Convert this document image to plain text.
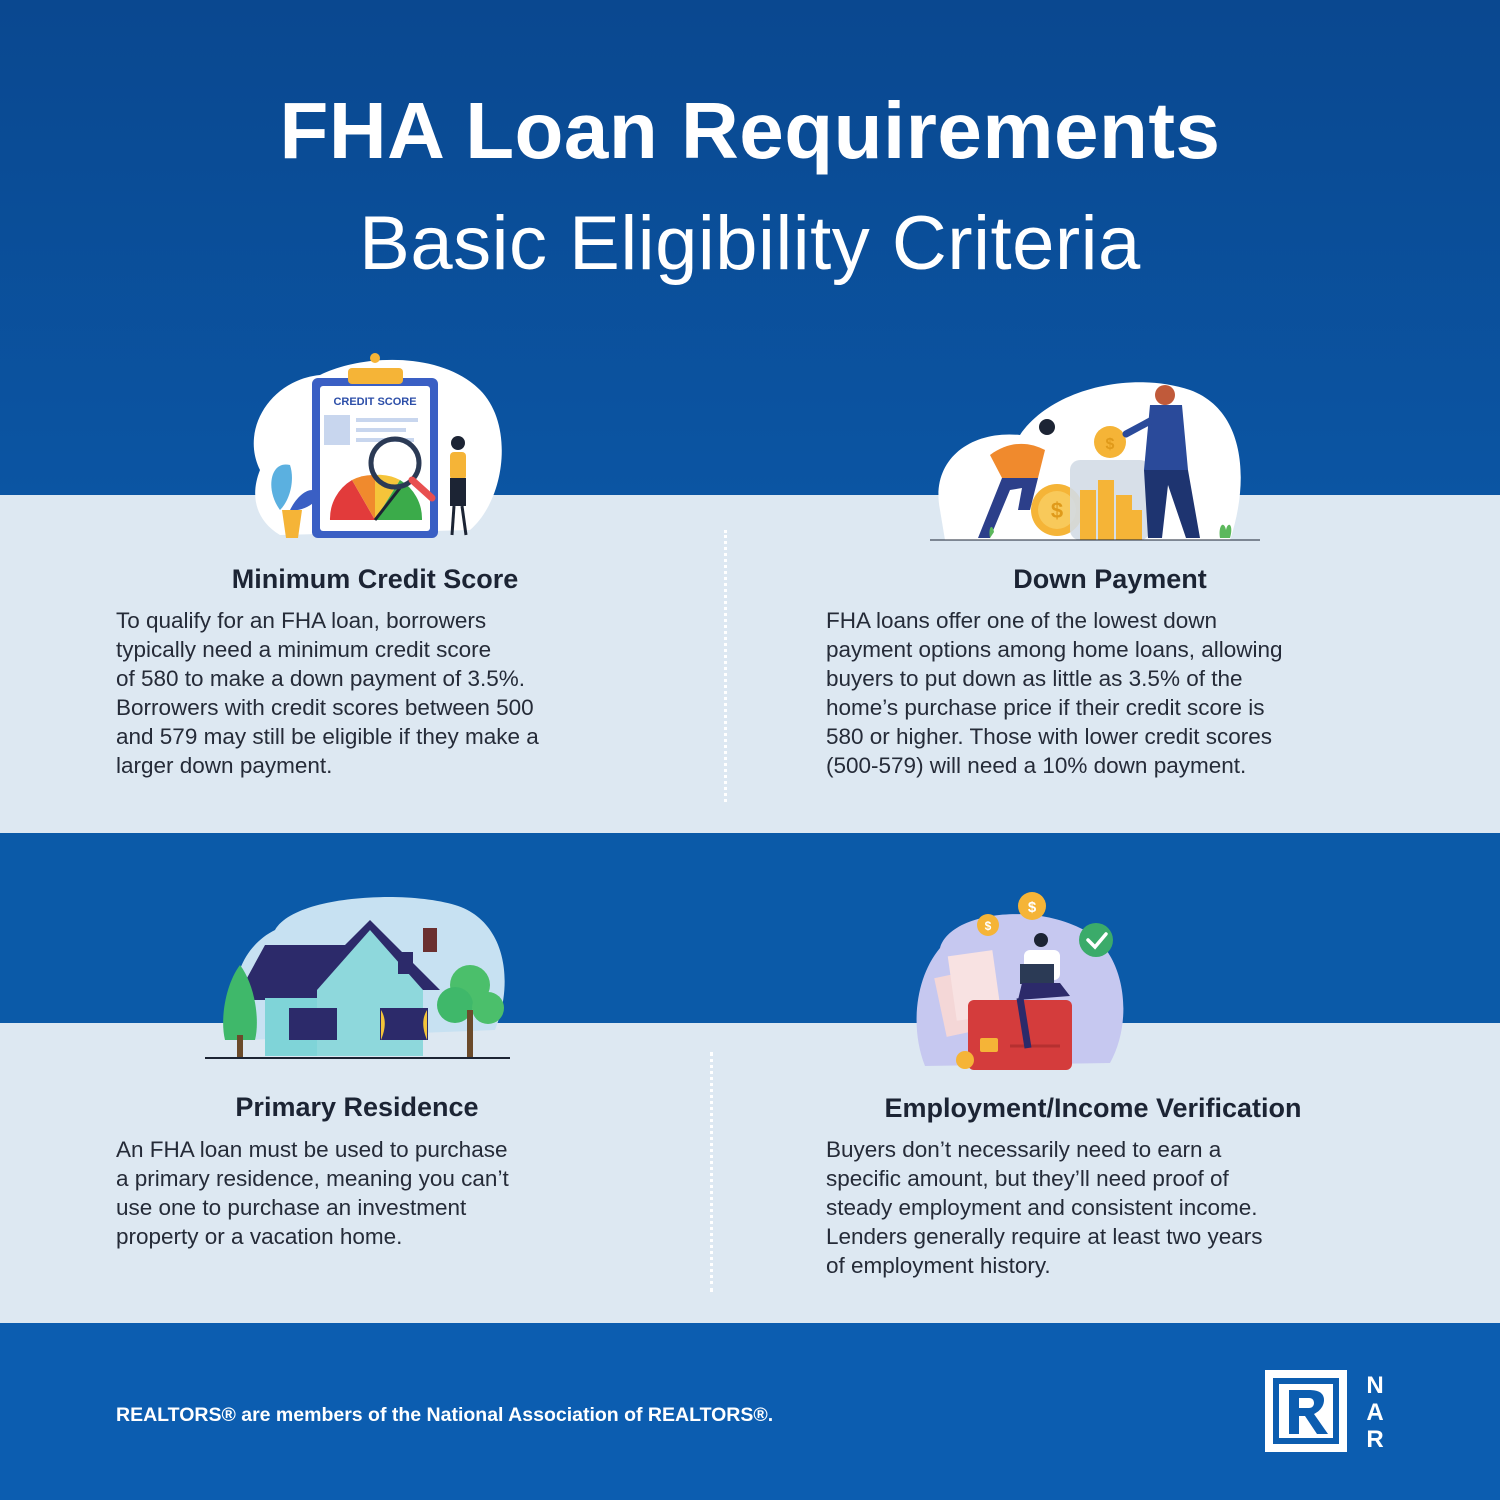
FHA Loan Requirements
Basic Eligibility Criteria
CREDIT SCORE
$
$
Minimum Credit Score

To qualify for an FHA loan, borrowers
typically need a minimum credit score
of 580 to make a down payment of 3.5%.
Borrowers with credit scores between 500
and 579 may still be eligible if they make a
larger down payment.

Down Payment

FHA loans offer one of the lowest down
payment options among home loans, allowing
buyers to put down as little as 3.5% of the
home’s purchase price if their credit score is
580 or higher. Those with lower credit scores
(500-579) will need a 10% down payment.

$
$
Primary Residence

An FHA loan must be used to purchase
a primary residence, meaning you can’t
use one to purchase an investment
property or a vacation home.

Employment/Income Verification

Buyers don’t necessarily need to earn a
specific amount, but they’ll need proof of
steady employment and consistent income.
Lenders generally require at least two years
of employment history.

REALTORS® are members of the National Association of REALTORS®.

N
A
R
